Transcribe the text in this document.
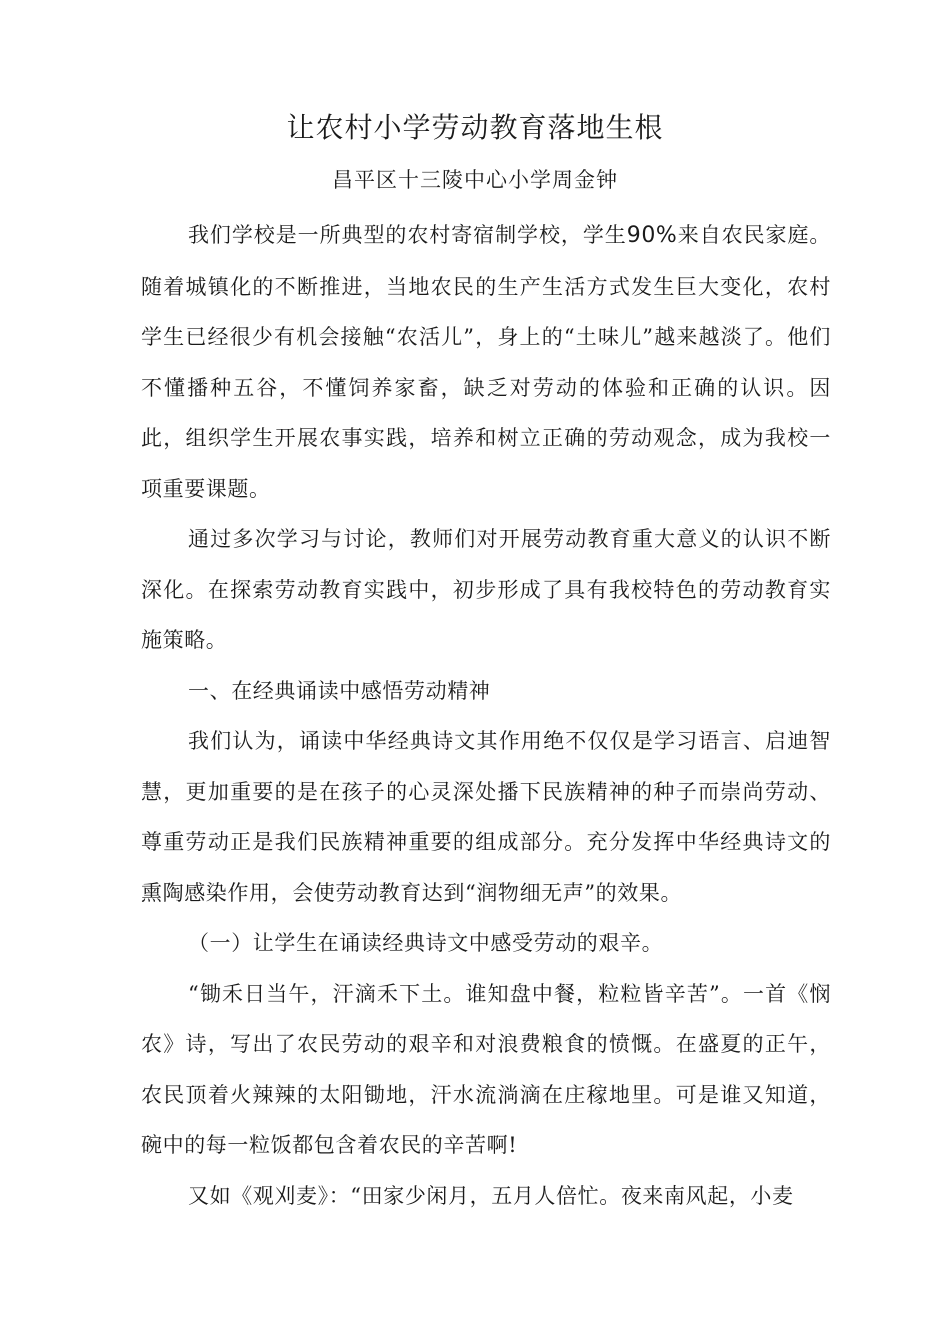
让农村小学劳动教育落地生根
昌平区十三陵中心小学周金钟

我们学校是一所典型的农村寄宿制学校，学生90%来自农民家庭。随着城镇化的不断推进，当地农民的生产生活方式发生巨大变化，农村学生已经很少有机会接触“农活儿”，身上的“土味儿”越来越淡了。他们不懂播种五谷，不懂饲养家畜，缺乏对劳动的体验和正确的认识。因此，组织学生开展农事实践，培养和树立正确的劳动观念，成为我校一项重要课题。

通过多次学习与讨论，教师们对开展劳动教育重大意义的认识不断深化。在探索劳动教育实践中，初步形成了具有我校特色的劳动教育实施策略。

一、在经典诵读中感悟劳动精神

我们认为，诵读中华经典诗文其作用绝不仅仅是学习语言、启迪智慧，更加重要的是在孩子的心灵深处播下民族精神的种子而崇尚劳动、尊重劳动正是我们民族精神重要的组成部分。充分发挥中华经典诗文的熏陶感染作用，会使劳动教育达到“润物细无声”的效果。

（一）让学生在诵读经典诗文中感受劳动的艰辛。

“锄禾日当午，汗滴禾下土。谁知盘中餐，粒粒皆辛苦”。一首《悯农》诗，写出了农民劳动的艰辛和对浪费粮食的愤慨。在盛夏的正午，农民顶着火辣辣的太阳锄地，汗水流淌滴在庄稼地里。可是谁又知道，碗中的每一粒饭都包含着农民的辛苦啊!

又如《观刈麦》：“田家少闲月，五月人倍忙。夜来南风起，小麦
